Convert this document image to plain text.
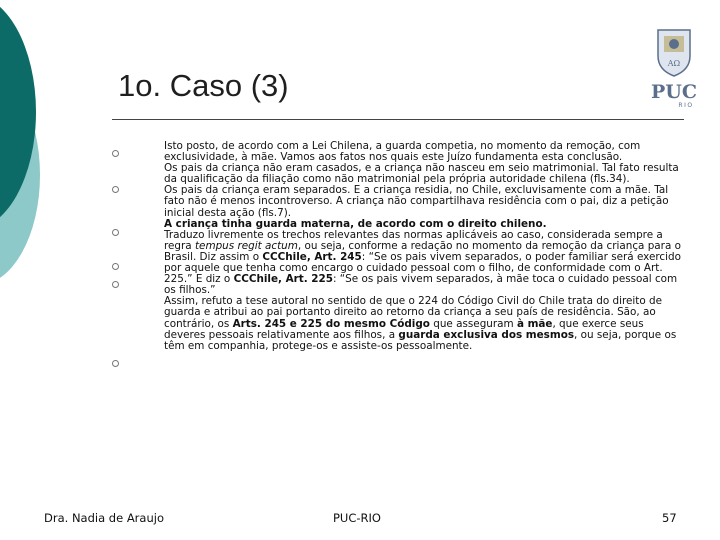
1o. Caso (3)
ΑΩ
PUC
RIO

Isto posto, de acordo com a Lei Chilena, a guarda competia, no momento da remoção, com exclusividade, à mãe. Vamos aos fatos nos quais este Juízo fundamenta esta conclusão.

Os pais da criança não eram casados, e a criança não nasceu em seio matrimonial. Tal fato resulta da qualificação da filiação como não matrimonial pela própria autoridade chilena (fls.34).

Os pais da criança eram separados. E a criança residia, no Chile, excluvisamente com a mãe. Tal fato não é menos incontroverso. A criança não compartilhava residência com o pai, diz a petição inicial desta ação (fls.7).

A criança tinha guarda materna, de acordo com o direito chileno.

Traduzo livremente os trechos relevantes das normas aplicáveis ao caso, considerada sempre a regra tempus regit actum, ou seja, conforme a redação no momento da remoção da criança para o Brasil. Diz assim o CCChile, Art. 245: “Se os pais vivem separados, o poder familiar será exercido por aquele que tenha como encargo o cuidado pessoal com o filho, de conformidade com o Art. 225.” E diz o CCChile, Art. 225: “Se os pais vivem separados, à mãe toca o cuidado pessoal com os filhos.”

Assim, refuto a tese autoral no sentido de que o 224 do Código Civil do Chile trata do direito de guarda e atribui ao pai portanto direito ao retorno da criança a seu país de residência. São, ao contrário, os Arts. 245 e 225 do mesmo Código que asseguram à mãe, que exerce seus deveres pessoais relativamente aos filhos, a guarda exclusiva dos mesmos, ou seja, porque os têm em companhia, protege-os e assiste-os pessoalmente.

Dra. Nadia de Araujo	PUC-RIO	57
